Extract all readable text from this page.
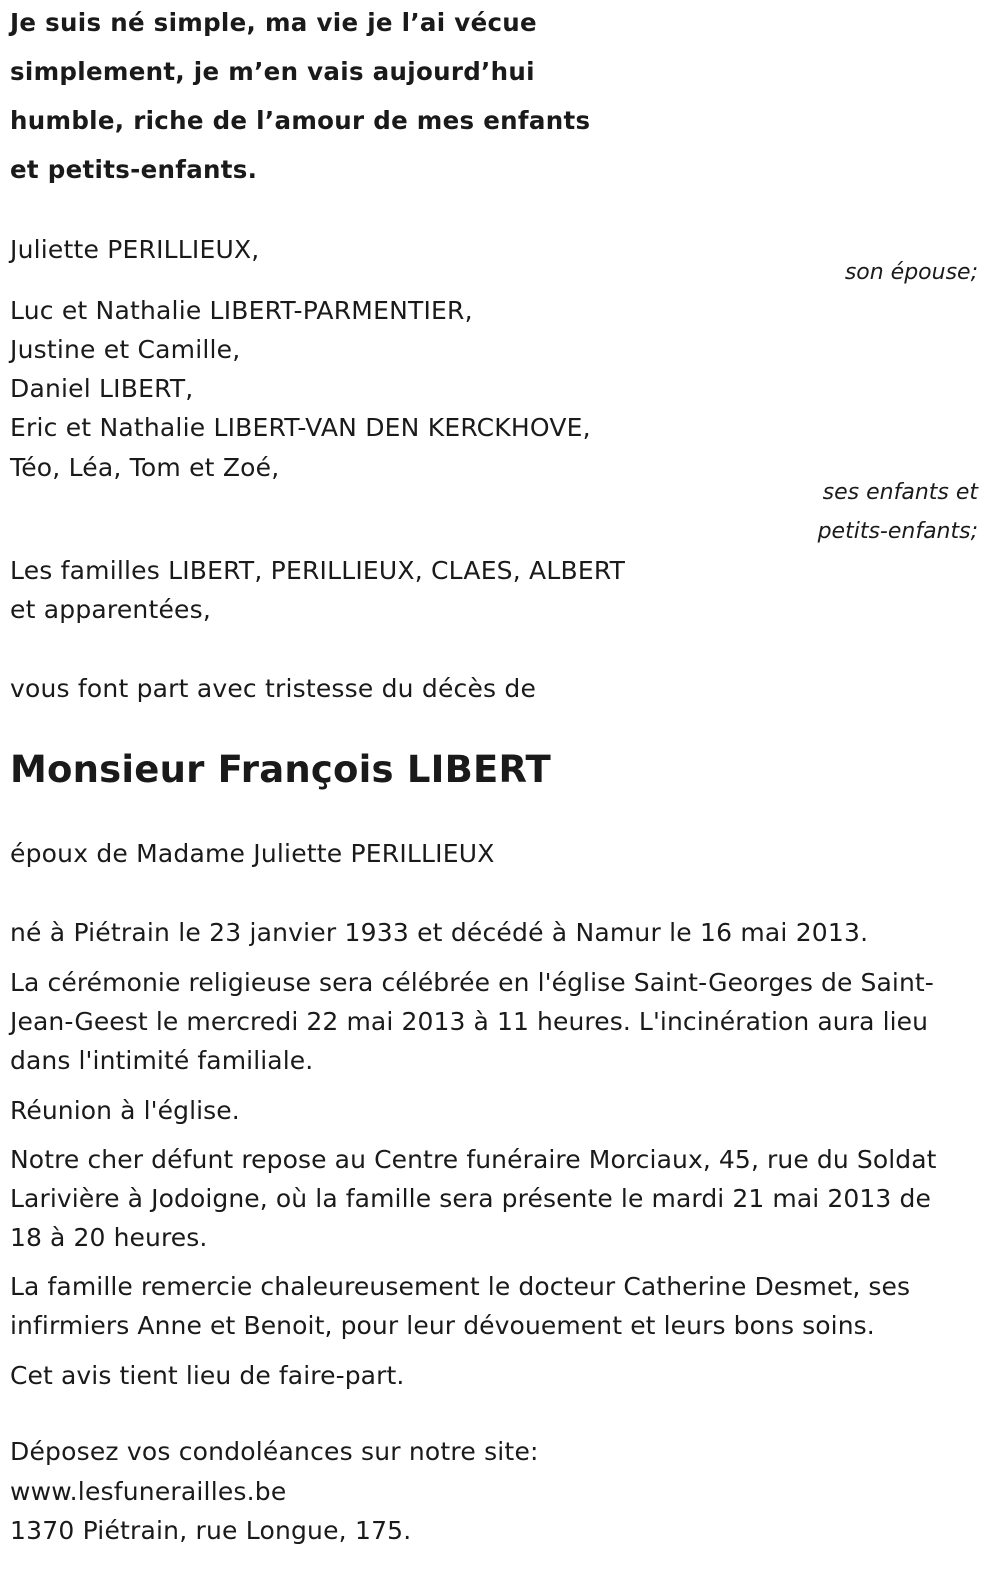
Je suis né simple, ma vie je l’ai vécue
simplement, je m’en vais aujourd’hui
humble, riche de l’amour de mes enfants
et petits-enfants.
Juliette PERILLIEUX,
son épouse;
Luc et Nathalie LIBERT-PARMENTIER,
Justine et Camille,
Daniel LIBERT,
Eric et Nathalie LIBERT-VAN DEN KERCKHOVE,
Téo, Léa, Tom et Zoé,
ses enfants et
petits-enfants;
Les familles LIBERT, PERILLIEUX, CLAES, ALBERT
et apparentées,
vous font part avec tristesse du décès de
Monsieur François LIBERT
époux de Madame Juliette PERILLIEUX
né à Piétrain le 23 janvier 1933 et décédé à Namur le 16 mai 2013.
La cérémonie religieuse sera célébrée en l'église Saint-Georges de Saint-Jean-Geest le mercredi 22 mai 2013 à 11 heures. L'incinération aura lieu dans l'intimité familiale.
Réunion à l'église.
Notre cher défunt repose au Centre funéraire Morciaux, 45, rue du Soldat Larivière à Jodoigne, où la famille sera présente le mardi 21 mai 2013 de 18 à 20 heures.
La famille remercie chaleureusement le docteur Catherine Desmet, ses infirmiers Anne et Benoit, pour leur dévouement et leurs bons soins.
Cet avis tient lieu de faire-part.
Déposez vos condoléances sur notre site:
www.lesfunerailles.be
1370 Piétrain, rue Longue, 175.
